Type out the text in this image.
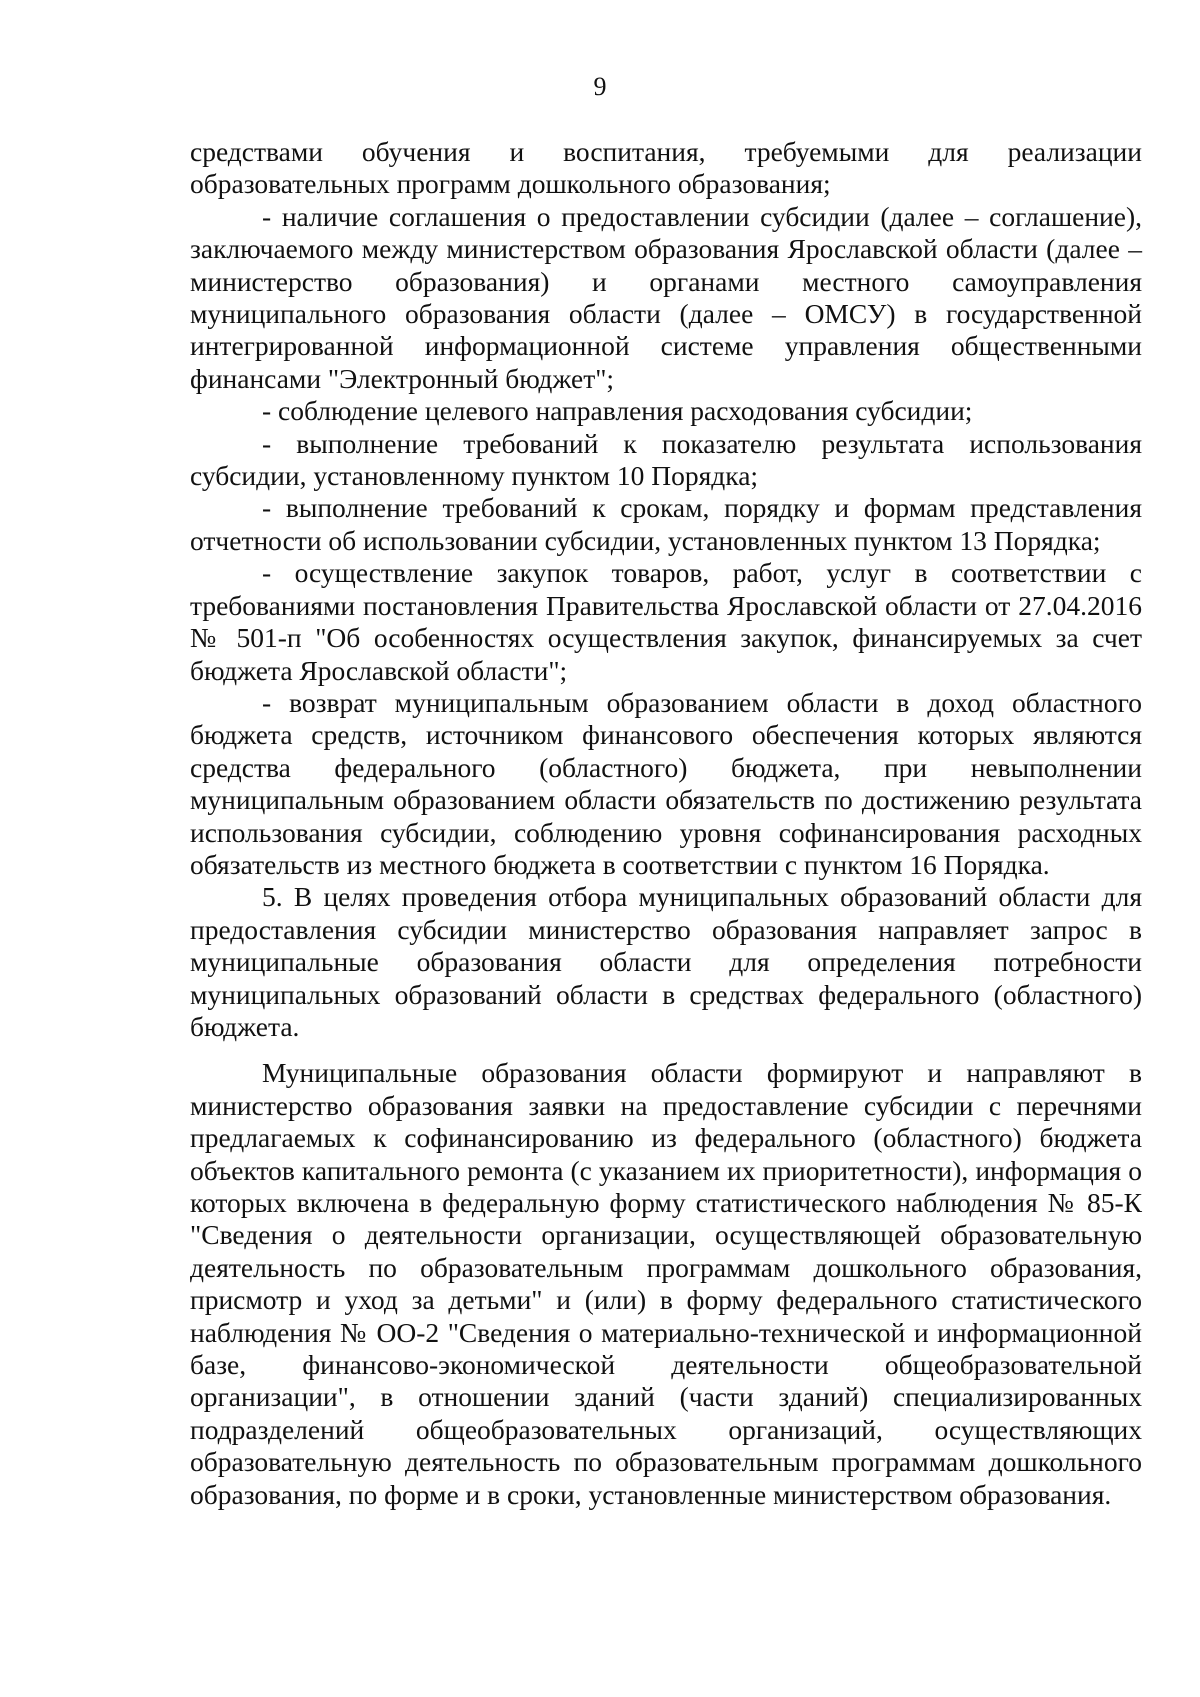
9

средствами обучения и воспитания, требуемыми для реализации образовательных программ дошкольного образования;

- наличие соглашения о предоставлении субсидии (далее – соглашение), заключаемого между министерством образования Ярославской области (далее – министерство образования) и органами местного самоуправления муниципального образования области (далее – ОМСУ) в государственной интегрированной информационной системе управления общественными финансами "Электронный бюджет";

- соблюдение целевого направления расходования субсидии;

- выполнение требований к показателю результата использования субсидии, установленному пунктом 10 Порядка;

- выполнение требований к срокам, порядку и формам представления отчетности об использовании субсидии, установленных пунктом 13 Порядка;

- осуществление закупок товаров, работ, услуг в соответствии с требованиями постановления Правительства Ярославской области от 27.04.2016 № 501-п "Об особенностях осуществления закупок, финансируемых за счет бюджета Ярославской области";

- возврат муниципальным образованием области в доход областного бюджета средств, источником финансового обеспечения которых являются средства федерального (областного) бюджета, при невыполнении муниципальным образованием области обязательств по достижению результата использования субсидии, соблюдению уровня софинансирования расходных обязательств из местного бюджета в соответствии с пунктом 16 Порядка.

5. В целях проведения отбора муниципальных образований области для предоставления субсидии министерство образования направляет запрос в муниципальные образования области для определения потребности муниципальных образований области в средствах федерального (областного) бюджета.

Муниципальные образования области формируют и направляют в министерство образования заявки на предоставление субсидии с перечнями предлагаемых к софинансированию из федерального (областного) бюджета объектов капитального ремонта (с указанием их приоритетности), информация о которых включена в федеральную форму статистического наблюдения № 85-К "Сведения о деятельности организации, осуществляющей образовательную деятельность по образовательным программам дошкольного образования, присмотр и уход за детьми" и (или) в форму федерального статистического наблюдения № ОО-2 "Сведения о материально-технической и информационной базе, финансово-экономической деятельности общеобразовательной организации", в отношении зданий (части зданий) специализированных подразделений общеобразовательных организаций, осуществляющих образовательную деятельность по образовательным программам дошкольного образования, по форме и в сроки, установленные министерством образования.
